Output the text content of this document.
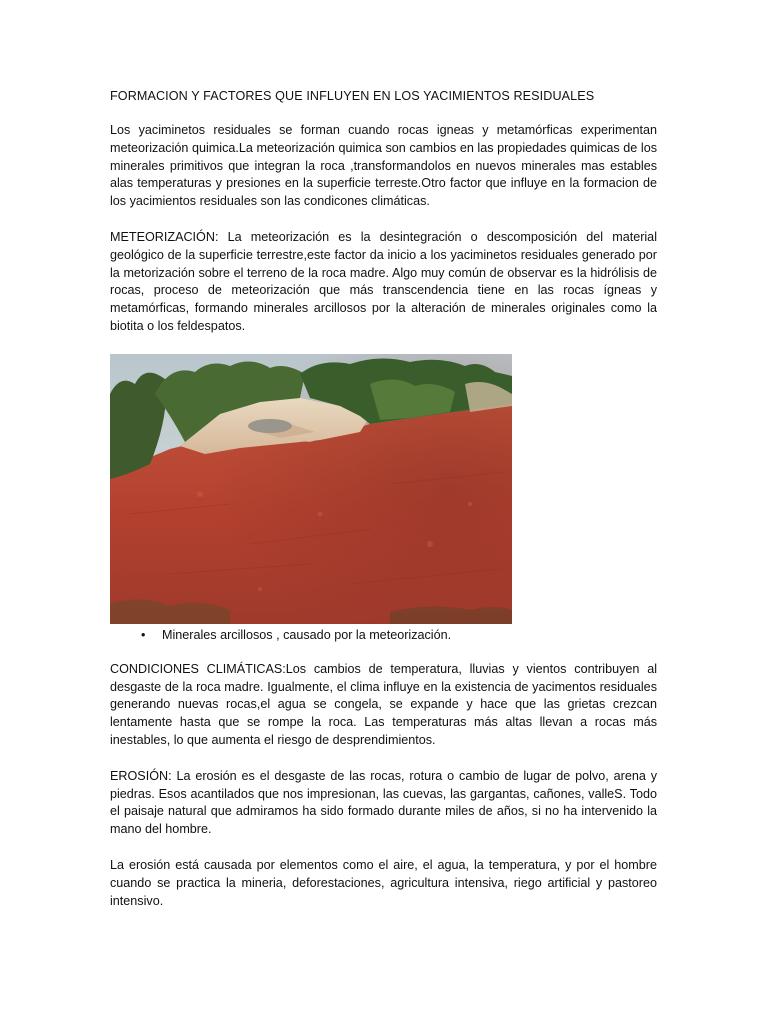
FORMACION Y FACTORES QUE INFLUYEN EN LOS YACIMIENTOS RESIDUALES

Los yaciminetos residuales se forman cuando rocas igneas y metamórficas experimentan meteorización quimica.La meteorización quimica son cambios en las propiedades quimicas de los minerales primitivos que integran la roca ,transformandolos en nuevos minerales mas estables alas temperaturas y presiones en la superficie terreste.Otro factor que influye en la formacion de los yacimientos residuales son las condicones climáticas.

METEORIZACIÓN: La meteorización es la desintegración o descomposición del material geológico de la superficie terrestre,este factor da inicio a los yaciminetos residuales generado por la metorización sobre el terreno de la roca madre. Algo muy común de observar es la hidrólisis de rocas, proceso de meteorización que más transcendencia tiene en las rocas ígneas y metamórficas, formando minerales arcillosos por la alteración de minerales originales como la biotita o los feldespatos.

• Minerales arcillosos , causado por la meteorización.

CONDICIONES CLIMÁTICAS:Los cambios de temperatura, lluvias y vientos contribuyen al desgaste de la roca madre. Igualmente, el clima influye en la existencia de yacimentos residuales generando nuevas rocas,el agua se congela, se expande y hace que las grietas crezcan lentamente hasta que se rompe la roca. Las temperaturas más altas llevan a rocas más inestables, lo que aumenta el riesgo de desprendimientos.

EROSIÓN: La erosión es el desgaste de las rocas, rotura o cambio de lugar de polvo, arena y piedras. Esos acantilados que nos impresionan, las cuevas, las gargantas, cañones, valleS. Todo el paisaje natural que admiramos ha sido formado durante miles de años, si no ha intervenido la mano del hombre.

La erosión está causada por elementos como el aire, el agua, la temperatura, y por el hombre cuando se practica la mineria, deforestaciones, agricultura intensiva, riego artificial y pastoreo intensivo.
